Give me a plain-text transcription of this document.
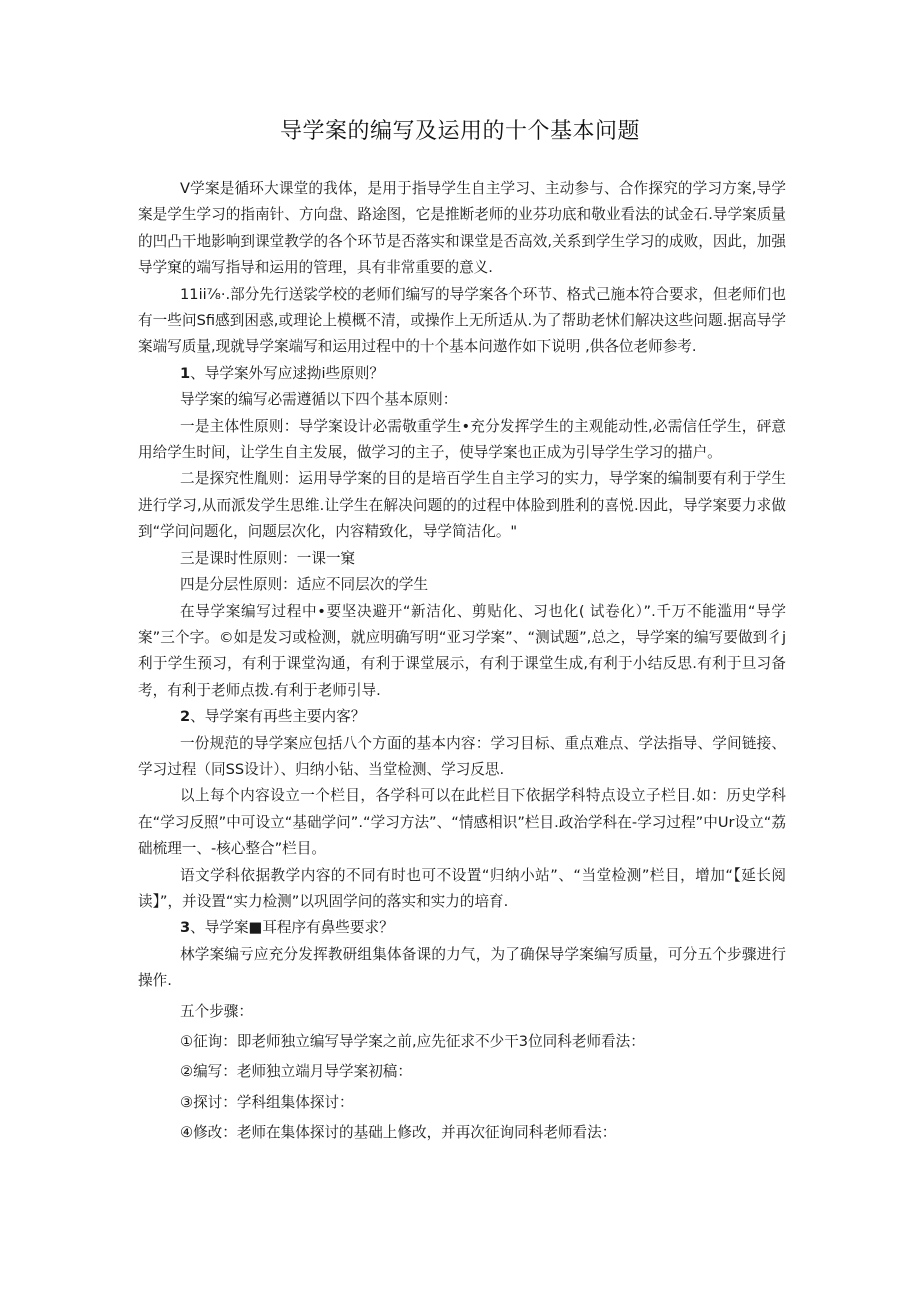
导学案的编写及运用的十个基本问题

V学案是循环大课堂的我体，是用于指导学生自主学习、主动参与、合作探究的学习方案,导学案是学生学习的指南针、方向盘、路途图，它是推断老师的业芬功底和敬业看法的试金石.导学案质量的凹凸干地影响到课堂教学的各个环节是否落实和课堂是否高效,关系到学生学习的成败，因此，加强导学窠的端写指导和运用的管理，具有非常重要的意义.

11ii⅞·.部分先行送裟学校的老师们编写的导学案各个环节、格式己施本符合要求，但老师们也有一些问Sfi感到困惑,或理论上模概不清，或操作上无所适从.为了帮助老怵们解决这些问题.据高导学案端写质量,现就导学案端写和运用过程中的十个基本问遨作如下说明 ,供各位老师参考.

1、导学案外写应逑拗i些原则？

导学案的编写必需遵循以下四个基本原则：

一是主体性原则：导学案设计必需敬重学生•充分发挥学生的主观能动性,必需信任学生，砰意用给学生时间，让学生自主发展，做学习的主子，使导学案也正成为引导学生学习的描户。

二是探究性胤则：运用导学案的目的是培百学生自主学习的实力，导学案的编制要有利于学生进行学习,从而派发学生思维.让学生在解决问题的的过程中体脸到胜利的喜悦.因此，导学案要力求做到“学问问题化，问题层次化，内容精致化，导学简洁化。"

三是课时性原则：一课一窠

四是分层性原则：适应不同层次的学生

在导学案编写过程中•要坚决避开“新洁化、剪贴化、习也化( 试卷化）”.千万不能滥用“导学案”三个字。©如是发习或检测，就应明确写明“亚习学案”、“测试题”,总之，导学案的编写要做到彳j利于学生预习，有利于课堂沟通，有利于课堂展示，有利于课堂生成,有利于小结反思.有利于旦习备考，有利于老师点拨.有利于老师引导.

2、导学案有再些主要内客？

一份规范的导学案应包括八个方面的基本内容：学习目标、重点难点、学法指导、学间链接、学习过程（同SS设计）、归纳小钻、当堂检测、学习反思.

以上每个内容设立一个栏目，各学科可以在此栏目下依据学科特点设立子栏目.如：历史学科在“学习反照”中可设立“基础学问”.“学习方法”、“情感相识”栏目.政治学科在-学习过程”中Ur设立“荔础梳理一、-核心整合”栏目。

语文学科依据教学内容的不同有时也可不设置“归纳小站”、“当堂检测”栏目，增加“【延长阅读】”，并设置“实力检测”以巩固学问的落实和实力的培育.

3、导学案■耳程序有鼻些要求？

林学案编亏应充分发挥教研组集体备课的力气，为了确保导学案编写质量，可分五个步骤进行操作.

五个步骤：

①征询：即老师独立编写导学案之前,应先征求不少干3位同科老师看法：

②编写：老师独立端月导学案初稿：

③探讨：学科组集体探讨：

④修改：老师在集体探讨的基础上修改，并再次征询同科老师看法：
